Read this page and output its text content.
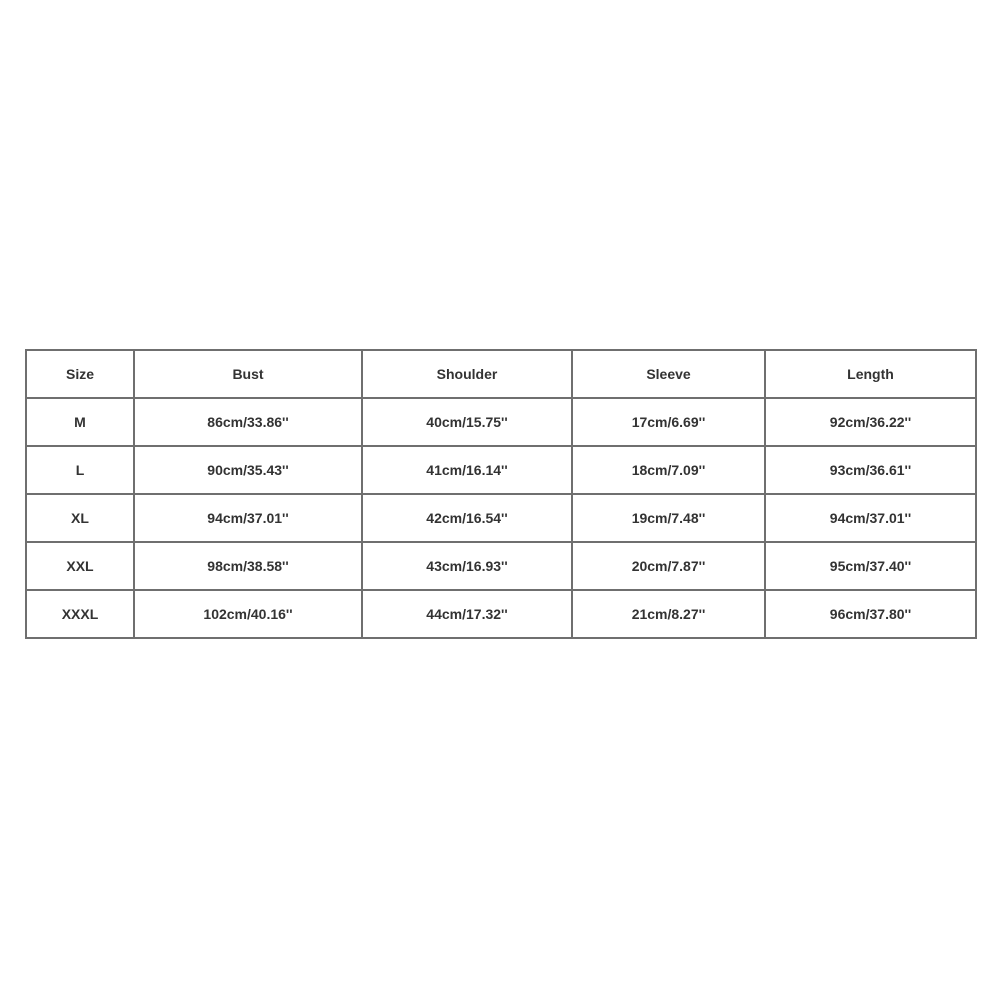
Size	Bust	Shoulder	Sleeve	Length
M	86cm/33.86''	40cm/15.75''	17cm/6.69''	92cm/36.22''
L	90cm/35.43''	41cm/16.14''	18cm/7.09''	93cm/36.61''
XL	94cm/37.01''	42cm/16.54''	19cm/7.48''	94cm/37.01''
XXL	98cm/38.58''	43cm/16.93''	20cm/7.87''	95cm/37.40''
XXXL	102cm/40.16''	44cm/17.32''	21cm/8.27''	96cm/37.80''
